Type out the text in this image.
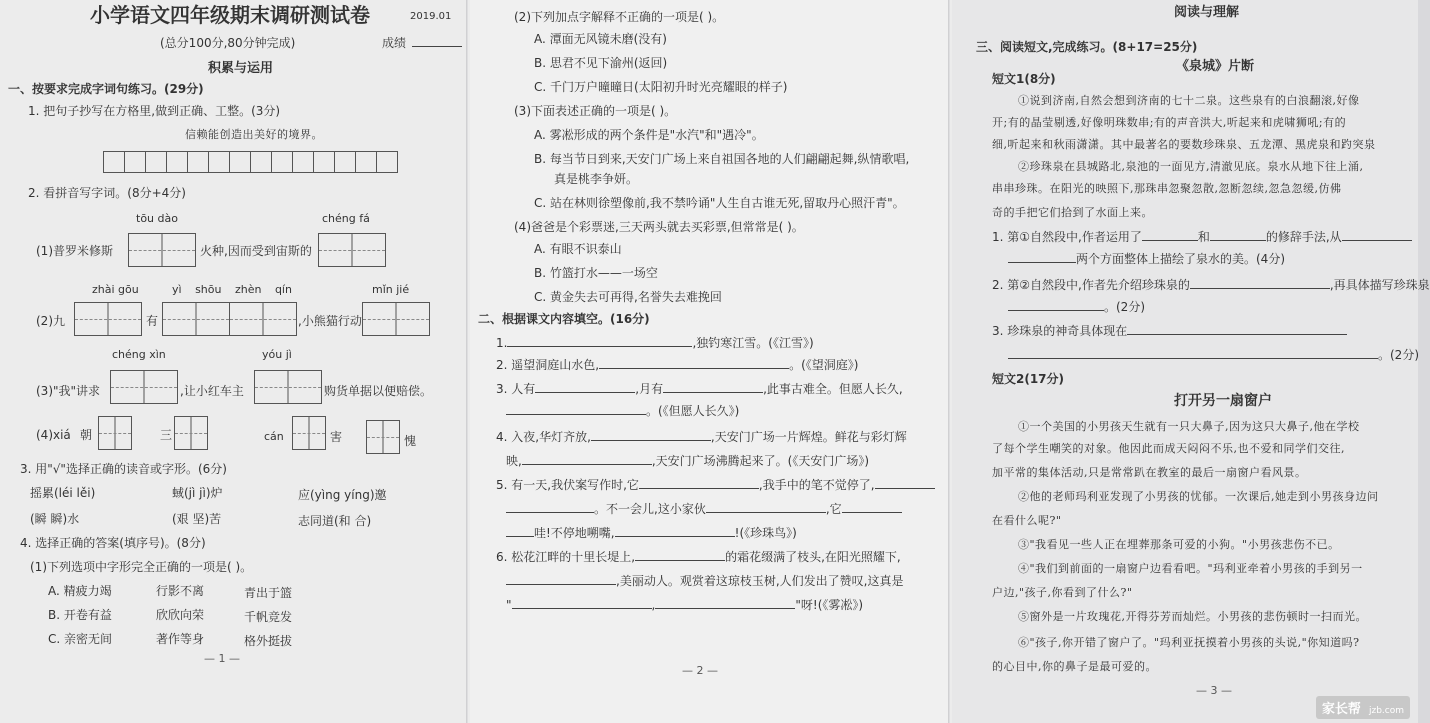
小学语文四年级期末调研测试卷	2019.01
(总分100分,80分钟完成)	成绩
积累与运用
一、按要求完成字词句练习。(29分)
1. 把句子抄写在方格里,做到正确、工整。(3分)
信赖能创造出美好的境界。
2. 看拼音写字词。(8分+4分)
tōu dào	chéng fá
(1)普罗米修斯	火种,因而受到宙斯的
zhài gōu	yì shōu zhèn qín	mǐn jié
(2)九	有	,小熊猫行动
chéng xìn	yóu jì
(3)"我"讲求	,让小红车主	购货单据以便赔偿。
(4)xiá 朝	三	cán	害	愧
3. 用"√"选择正确的读音或字形。(6分)
摇累(léi lěi)	蜮(jì jì)炉	应(yìng yíng)邀
(瞬 瞬)水	(艰 坚)苦	志同道(和 合)
4. 选择正确的答案(填序号)。(8分)
(1)下列选项中字形完全正确的一项是( )。
A. 精疲力竭	行影不离	青出于篮
B. 开卷有益	欣欣向荣	千帆竞发
C. 亲密无间	著作等身	格外挺拔
— 1 —
(2)下列加点字解释不正确的一项是( )。
A. 潭面无风镜未磨(没有)
B. 思君不见下渝州(返回)
C. 千门万户曈曈日(太阳初升时光亮耀眼的样子)
(3)下面表述正确的一项是( )。
A. 雾凇形成的两个条件是"水汽"和"遇冷"。
B. 每当节日到来,天安门广场上来自祖国各地的人们翩翩起舞,纵情歌唱,
真是桃李争妍。
C. 站在林则徐塑像前,我不禁吟诵"人生自古谁无死,留取丹心照汗青"。
(4)爸爸是个彩票迷,三天两头就去买彩票,但常常是( )。
A. 有眼不识泰山
B. 竹篮打水——一场空
C. 黄金失去可再得,名誉失去难挽回
二、根据课文内容填空。(16分)
1.	,独钓寒江雪。(《江雪》)
2. 遥望洞庭山水色,	。(《望洞庭》)
3. 人有	,月有	,此事古难全。但愿人长久,
。(《但愿人长久》)
4. 入夜,华灯齐放,	,天安门广场一片辉煌。鲜花与彩灯辉
映,	,天安门广场沸腾起来了。(《天安门广场》)
5. 有一天,我伏案写作时,它	,我手中的笔不觉停了,
。不一会儿,这小家伙	,它
哇!不停地嗍嘴,	!(《珍珠鸟》)
6. 松花江畔的十里长堤上,	的霜花缀满了枝头,在阳光照耀下,
,美丽动人。观赏着这琼枝玉树,人们发出了赞叹,这真是
"	,	"呀!(《雾凇》)
— 2 —
阅读与理解
三、阅读短文,完成练习。(8+17=25分)
《泉城》片断
短文1(8分)
①说到济南,自然会想到济南的七十二泉。这些泉有的白浪翻滚,好像
开;有的晶莹剔透,好像明珠数串;有的声音洪大,听起来和虎啸狮吼;有的
细,听起来和秋雨潇潇。其中最著名的要数珍珠泉、五龙潭、黑虎泉和趵突泉
②珍珠泉在县城路北,泉池的一面见方,清澈见底。泉水从地下往上涌,
串串珍珠。在阳光的映照下,那珠串忽聚忽散,忽断忽续,忽急忽缓,仿佛
奇的手把它们拾到了水面上来。
1. 第①自然段中,作者运用了	和	的修辞手法,从
两个方面整体上描绘了泉水的美。(4分)
2. 第②自然段中,作者先介绍珍珠泉的	,再具体描写珍珠泉
。(2分)
3. 珍珠泉的神奇具体现在
。(2分)
短文2(17分)
打开另一扇窗户
①一个美国的小男孩天生就有一只大鼻子,因为这只大鼻子,他在学校
了每个学生嘲笑的对象。他因此而成天闷闷不乐,也不爱和同学们交往,
加平常的集体活动,只是常常趴在教室的最后一扇窗户看风景。
②他的老师玛利亚发现了小男孩的忧郁。一次课后,她走到小男孩身边问
在看什么呢?"
③"我看见一些人正在埋葬那条可爱的小狗。"小男孩悲伤不已。
④"我们到前面的一扇窗户边看看吧。"玛利亚牵着小男孩的手到另一
户边,"孩子,你看到了什么?"
⑤窗外是一片玫瑰花,开得芬芳而灿烂。小男孩的悲伤顿时一扫而光。
⑥"孩子,你开错了窗户了。"玛利亚抚摸着小男孩的头说,"你知道吗?
的心目中,你的鼻子是最可爱的。
— 3 —
家长帮 jzb.com
